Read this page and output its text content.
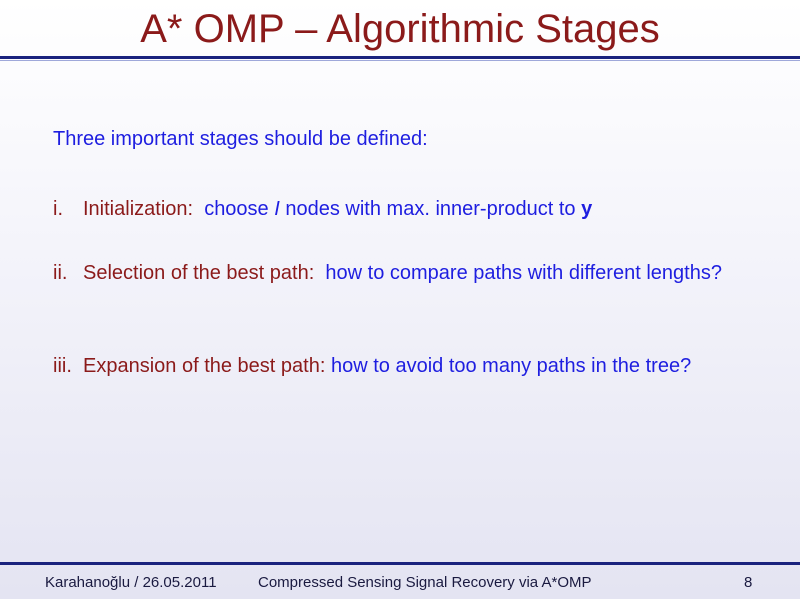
A* OMP – Algorithmic Stages
Three important stages should be defined:
i. Initialization: choose I nodes with max. inner-product to y
ii. Selection of the best path: how to compare paths with different lengths?
iii. Expansion of the best path: how to avoid too many paths in the tree?
Karahanoğlu / 26.05.2011	Compressed Sensing Signal Recovery via A*OMP	8
